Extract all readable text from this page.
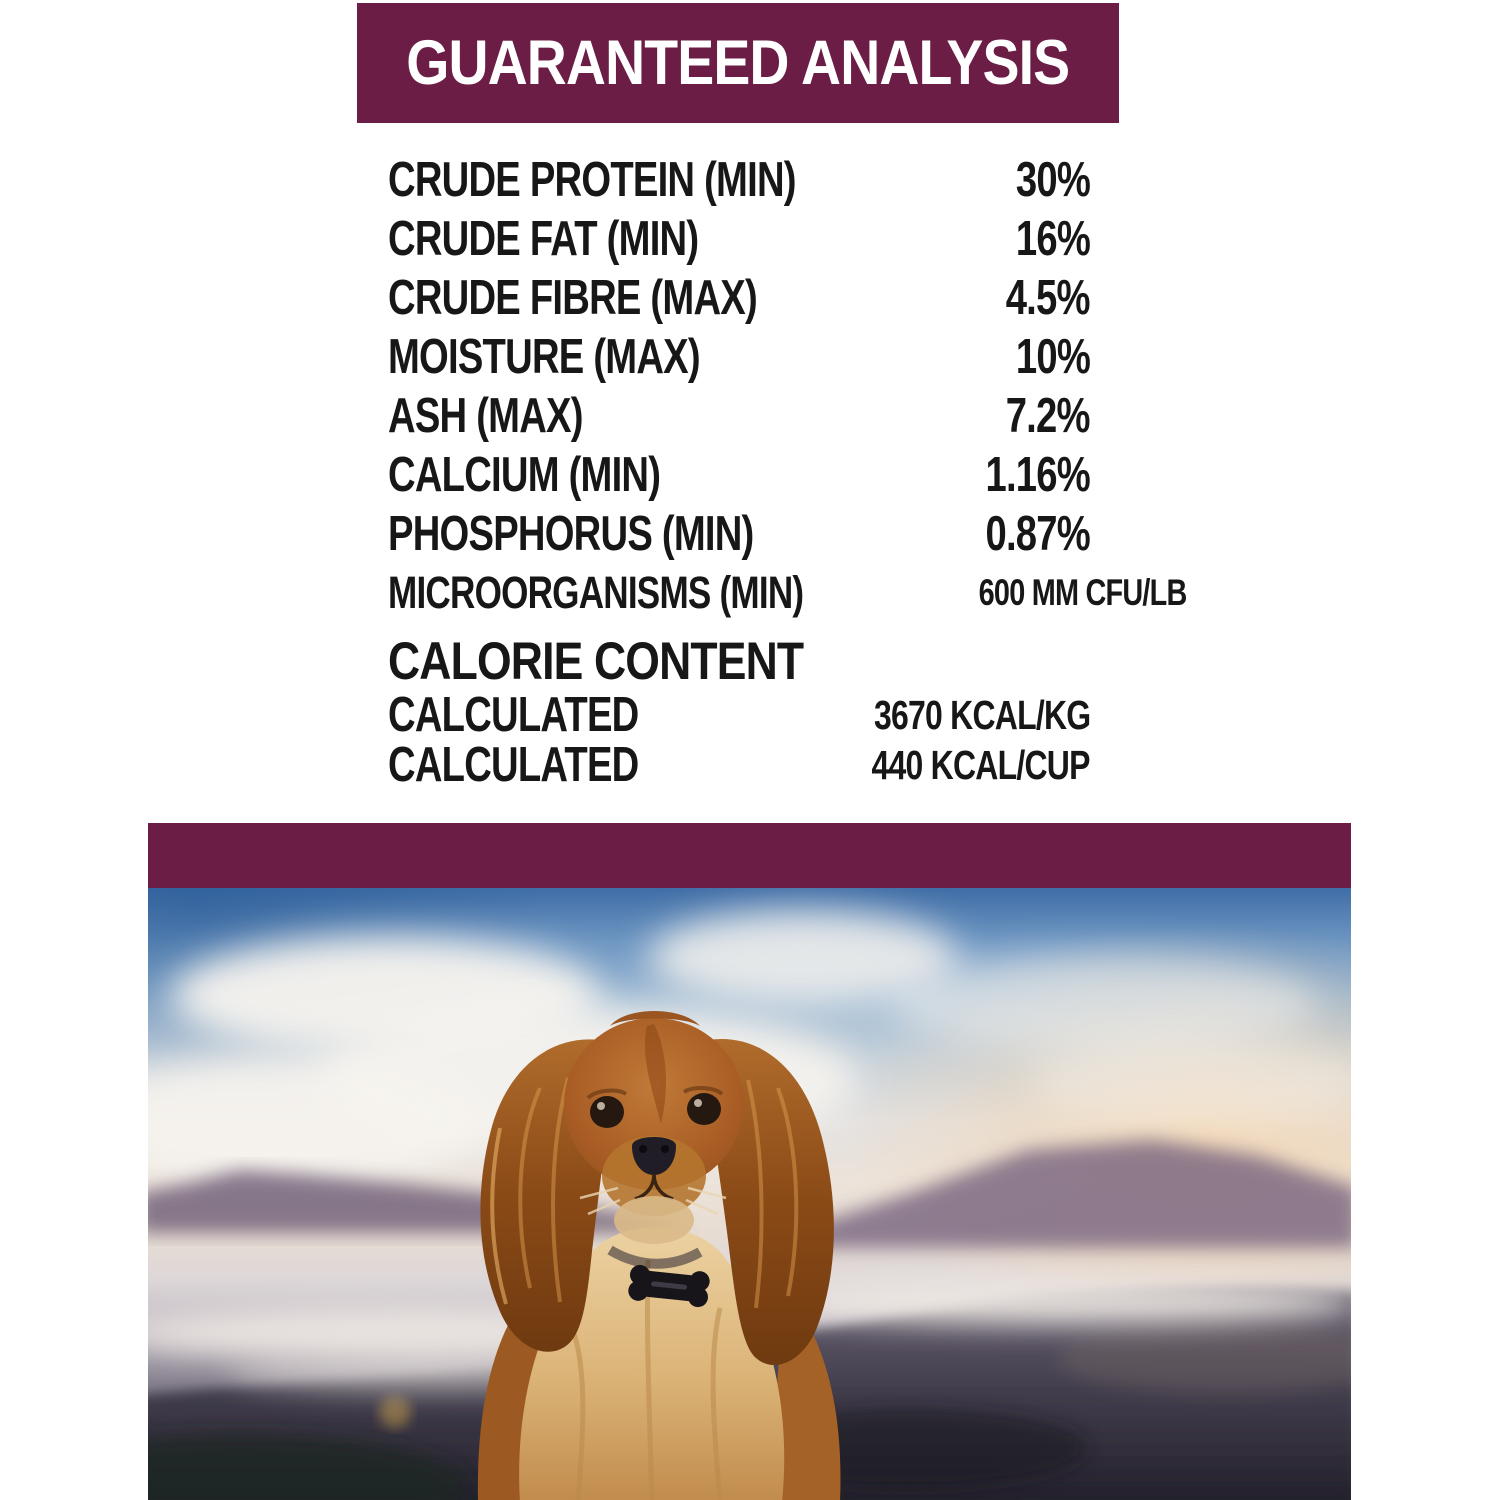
GUARANTEED ANALYSIS
CRUDE PROTEIN (MIN)	30%
CRUDE FAT (MIN)	16%
CRUDE FIBRE (MAX)	4.5%
MOISTURE (MAX)	10%
ASH (MAX)	7.2%
CALCIUM (MIN)	1.16%
PHOSPHORUS (MIN)	0.87%
MICROORGANISMS (MIN)	600 MM CFU/LB
CALORIE CONTENT
CALCULATED	3670 KCAL/KG
CALCULATED	440 KCAL/CUP
